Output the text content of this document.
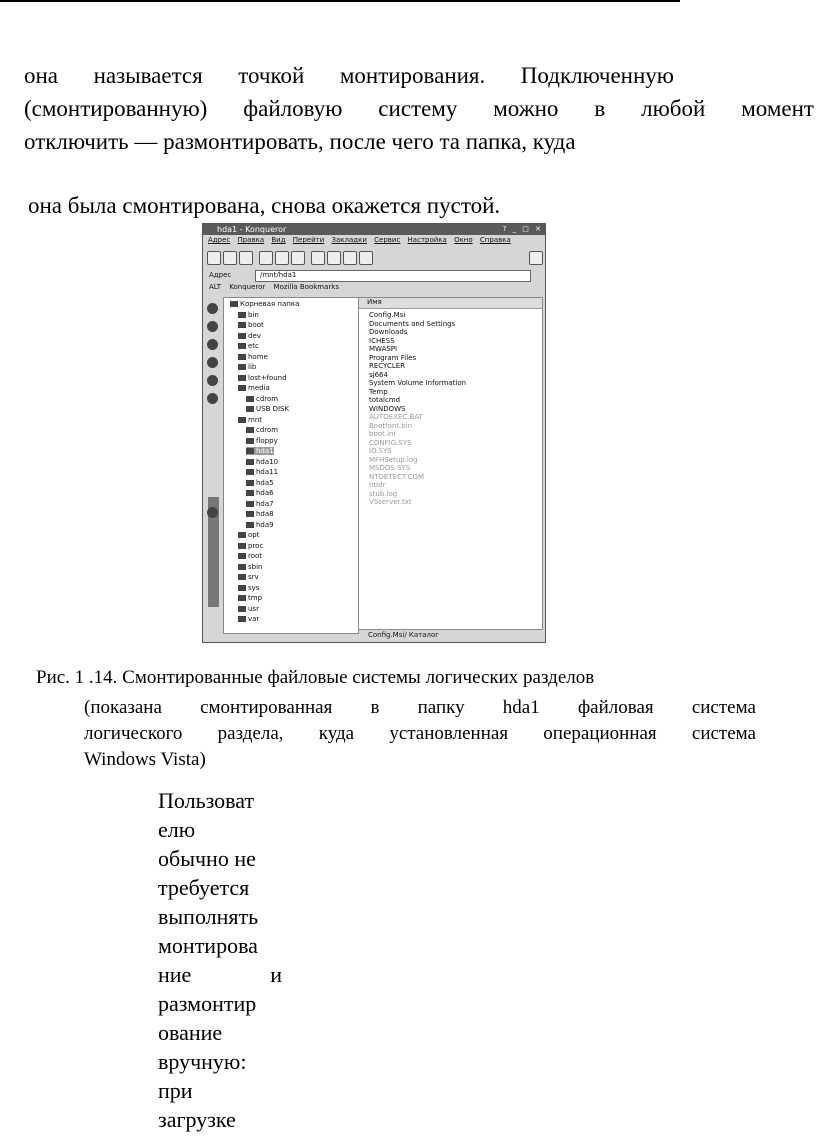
она называется точкой монтирования. Подключенную
(смонтированную) файловую систему можно в любой момент
отключить — размонтировать, после чего та папка, куда
она была смонтирована, снова окажется пустой.
hda1 - Konqueror	? _ □ ✕
Адрес Правка Вид Перейти Закладки Сервис Настройка Окно Справка
Адрес	/mnt/hda1
ALT Konqueror Mozilla Bookmarks
Корневая папка
bin
boot
dev
etc
home
lib
lost+found
media
cdrom
USB DISK
mnt
cdrom
floppy
hda1
hda10
hda11
hda5
hda6
hda7
hda8
hda9
opt
proc
root
sbin
srv
sys
tmp
usr
var
Имя
Config.Msi
Documents and Settings
Downloads
ICHESS
MWASPI
Program Files
RECYCLER
sj664
System Volume Information
Temp
totalcmd
WINDOWS
AUTOEXEC.BAT
Bootfont.bin
boot.ini
CONFIG.SYS
IO.SYS
MFHSetup.log
MSDOS.SYS
NTDETECT.COM
ntldr
stub.log
VSserver.txt
Config.Msi/ Каталог
Рис. 1 .14. Смонтированные файловые системы логических разделов
(показана смонтированная в папку hda1 файловая система
логического раздела, куда установленная операционная система
Windows Vista)
Пользоват
елю
обычно не
требуется
выполнять
монтирова
ние	и
размонтир
ование
вручную:
при
загрузке
